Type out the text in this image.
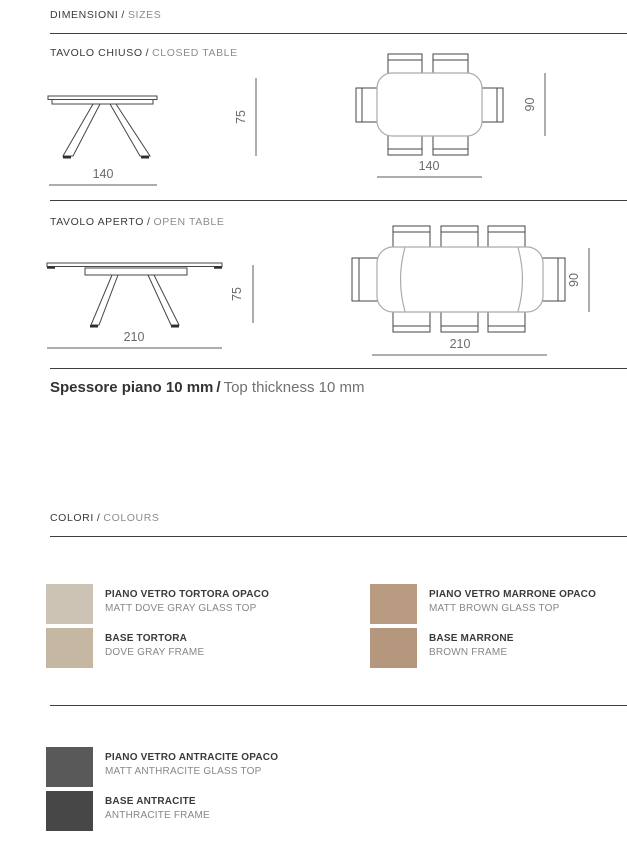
DIMENSIONI / SIZES
TAVOLO CHIUSO / CLOSED TABLE
140
75
140
90
TAVOLO APERTO / OPEN TABLE
210
75
210
90
Spessore piano 10 mm / Top thickness 10 mm
COLORI / COLOURS
PIANO VETRO TORTORA OPACO
MATT DOVE GRAY GLASS TOP
BASE TORTORA
DOVE GRAY FRAME
PIANO VETRO MARRONE OPACO
MATT BROWN GLASS TOP
BASE MARRONE
BROWN FRAME
PIANO VETRO ANTRACITE OPACO
MATT ANTHRACITE GLASS TOP
BASE ANTRACITE
ANTHRACITE FRAME
